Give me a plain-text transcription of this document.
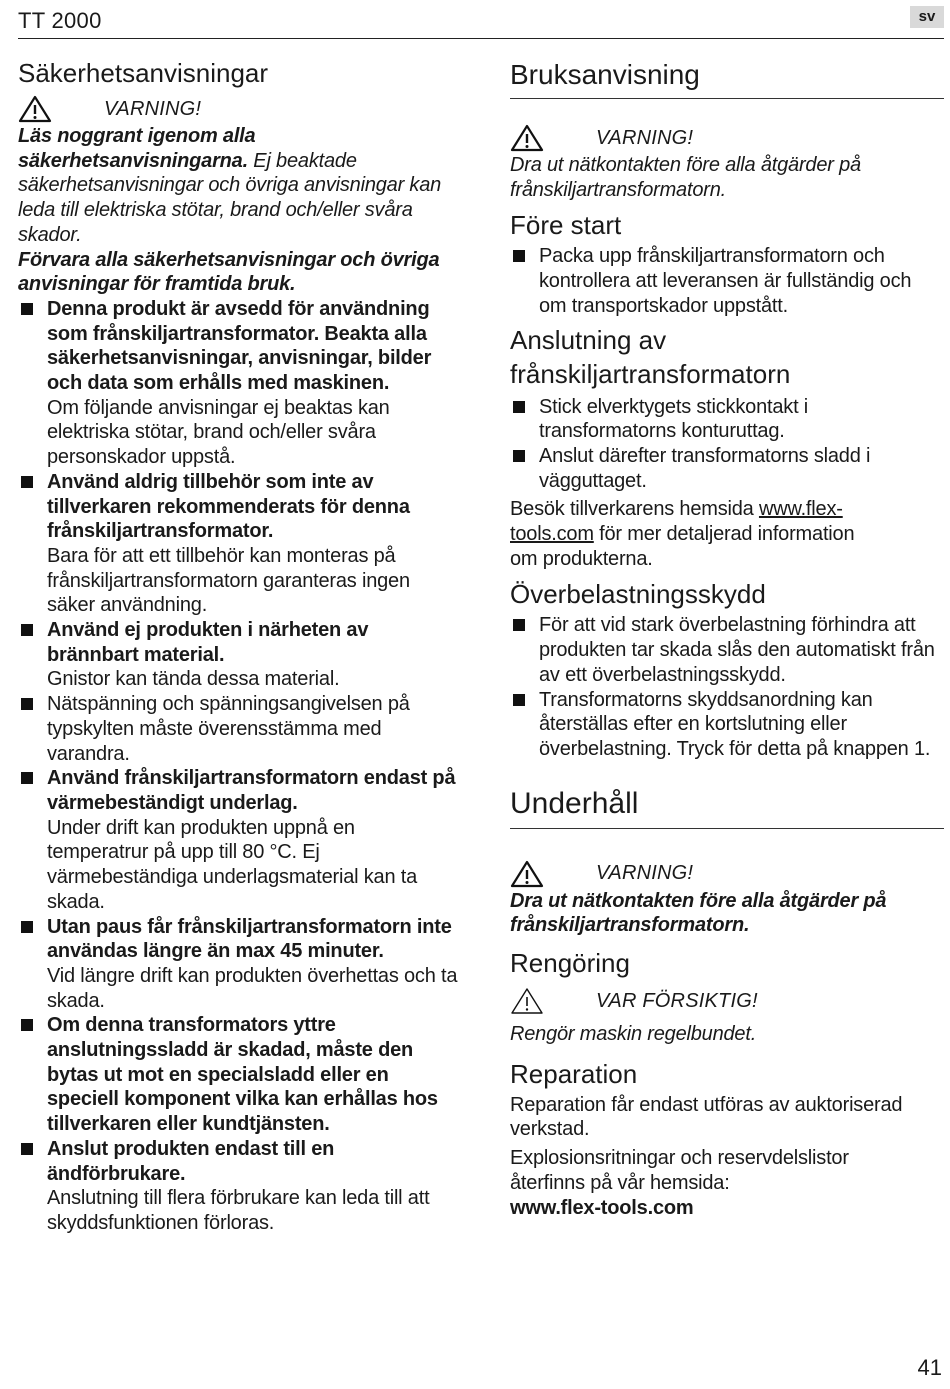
TT 2000	sv
Säkerhetsanvisningar
VARNING!

Läs noggrant igenom alla säkerhetsanvisningarna. Ej beaktade säkerhetsanvisningar och övriga anvisningar kan leda till elektriska stötar, brand och/eller svåra skador.

Förvara alla säkerhetsanvisningar och övriga anvisningar för framtida bruk.

Denna produkt är avsedd för användning som frånskiljartransformator. Beakta alla säkerhetsanvisningar, anvisningar, bilder och data som erhålls med maskinen.
Om följande anvisningar ej beaktas kan elektriska stötar, brand och/eller svåra personskador uppstå.
Använd aldrig tillbehör som inte av tillverkaren rekommenderats för denna frånskiljartransformator.
Bara för att ett tillbehör kan monteras på frånskiljartransformatorn garanteras ingen säker användning.
Använd ej produkten i närheten av brännbart material.
Gnistor kan tända dessa material.
Nätspänning och spänningsangivelsen på typskylten måste överensstämma med varandra.
Använd frånskiljartransformatorn endast på värmebeständigt underlag.
Under drift kan produkten uppnå en temperatrur på upp till 80 °C. Ej värmebeständiga underlagsmaterial kan ta skada.
Utan paus får frånskiljartransformatorn inte användas längre än max 45 minuter.
Vid längre drift kan produkten överhettas och ta skada.
Om denna transformators yttre anslutningssladd är skadad, måste den bytas ut mot en specialsladd eller en speciell komponent vilka kan erhållas hos tillverkaren eller kundtjänsten.
Anslut produkten endast till en ändförbrukare.
Anslutning till flera förbrukare kan leda till att skyddsfunktionen förloras.
Bruksanvisning
VARNING!

Dra ut nätkontakten före alla åtgärder på frånskiljartransformatorn.

Före start
Packa upp frånskiljartransformatorn och kontrollera att leveransen är fullständig och om transportskador uppstått.
Anslutning av frånskiljartransformatorn
Stick elverktygets stickkontakt i transformatorns konturuttag.
Anslut därefter transformatorns sladd i vägguttaget.

Besök tillverkarens hemsida www.flex-tools.com för mer detaljerad information om produkterna.

Överbelastningsskydd
För att vid stark överbelastning förhindra att produkten tar skada slås den automatiskt från av ett överbelastningsskydd.
Transformatorns skyddsanordning kan återställas efter en kortslutning eller överbelastning. Tryck för detta på knappen 1.
Underhåll
VARNING!

Dra ut nätkontakten före alla åtgärder på frånskiljartransformatorn.

Rengöring
VAR FÖRSIKTIG!

Rengör maskin regelbundet.

Reparation

Reparation får endast utföras av auktoriserad verkstad.

Explosionsritningar och reservdelslistor återfinns på vår hemsida:

www.flex-tools.com

41
